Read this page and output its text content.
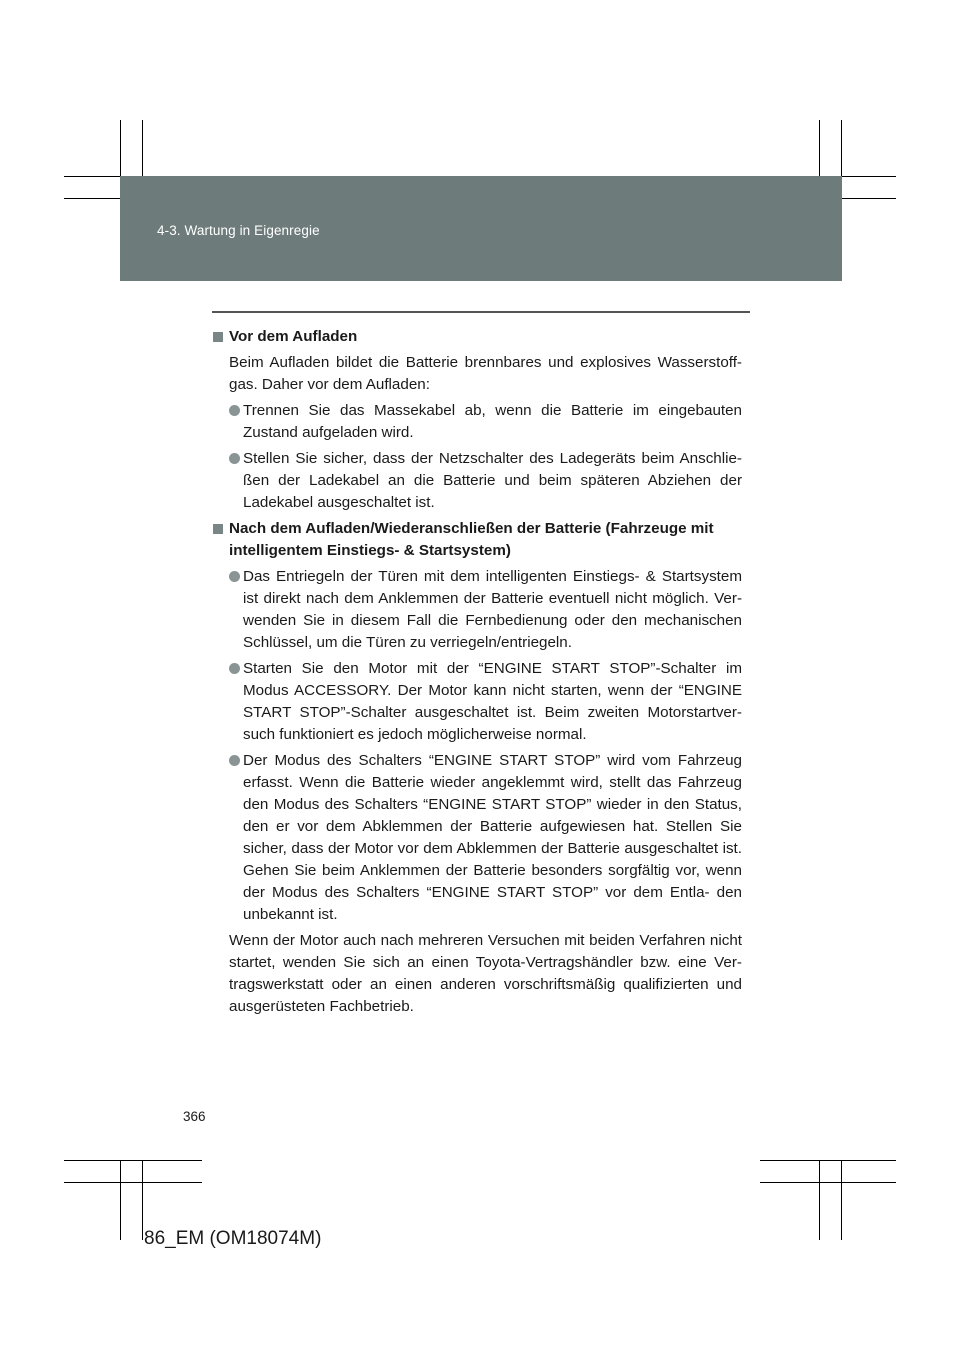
4-3. Wartung in Eigenregie

Vor dem Aufladen

Beim Aufladen bildet die Batterie brennbares und explosives Wasserstoff- gas. Daher vor dem Aufladen:

Trennen Sie das Massekabel ab, wenn die Batterie im eingebauten Zustand aufgeladen wird.
Stellen Sie sicher, dass der Netzschalter des Ladegeräts beim Anschlie- ßen der Ladekabel an die Batterie und beim späteren Abziehen der Ladekabel ausgeschaltet ist.

Nach dem Aufladen/Wiederanschließen der Batterie (Fahrzeuge mit intelligentem Einstiegs- & Startsystem)

Das Entriegeln der Türen mit dem intelligenten Einstiegs- & Startsystem ist direkt nach dem Anklemmen der Batterie eventuell nicht möglich. Ver- wenden Sie in diesem Fall die Fernbedienung oder den mechanischen Schlüssel, um die Türen zu verriegeln/entriegeln.
Starten Sie den Motor mit der “ENGINE START STOP”-Schalter im Modus ACCESSORY. Der Motor kann nicht starten, wenn der “ENGINE START STOP”-Schalter ausgeschaltet ist. Beim zweiten Motorstartver- such funktioniert es jedoch möglicherweise normal.
Der Modus des Schalters “ENGINE START STOP” wird vom Fahrzeug erfasst. Wenn die Batterie wieder angeklemmt wird, stellt das Fahrzeug den Modus des Schalters “ENGINE START STOP” wieder in den Status, den er vor dem Abklemmen der Batterie aufgewiesen hat. Stellen Sie sicher, dass der Motor vor dem Abklemmen der Batterie ausgeschaltet ist. Gehen Sie beim Anklemmen der Batterie besonders sorgfältig vor, wenn der Modus des Schalters “ENGINE START STOP” vor dem Entla- den unbekannt ist.

Wenn der Motor auch nach mehreren Versuchen mit beiden Verfahren nicht startet, wenden Sie sich an einen Toyota-Vertragshändler bzw. eine Ver- tragswerkstatt oder an einen anderen vorschriftsmäßig qualifizierten und ausgerüsteten Fachbetrieb.

366
86_EM (OM18074M)
